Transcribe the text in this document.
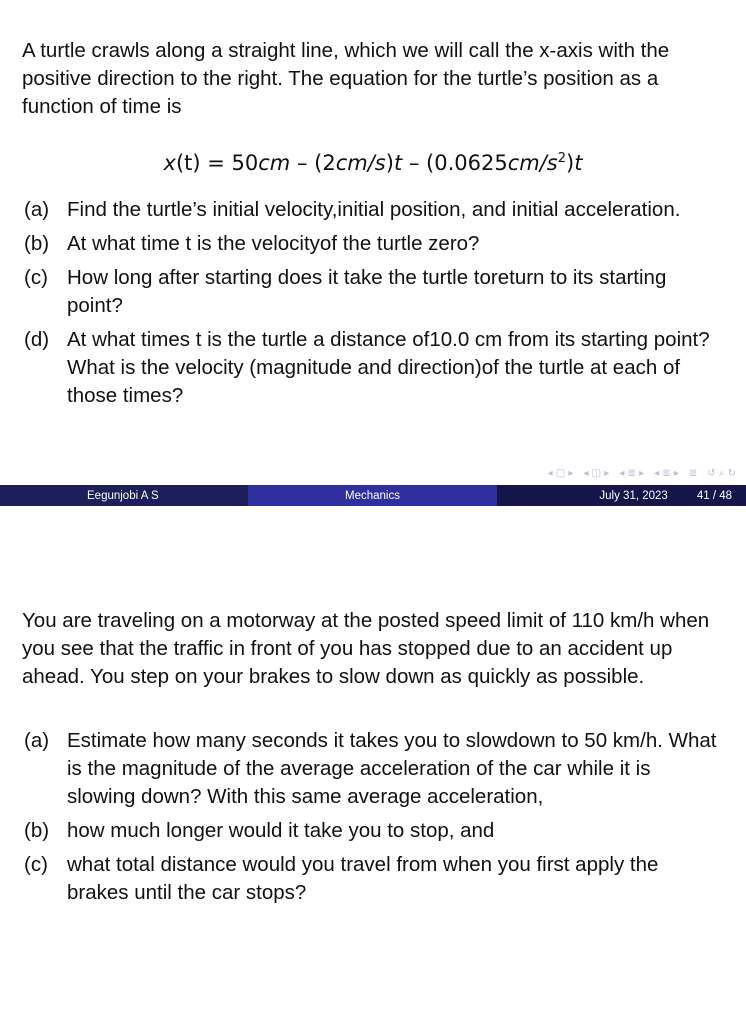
A turtle crawls along a straight line, which we will call the x-axis with the positive direction to the right. The equation for the turtle’s position as a function of time is

$x(t) = 50cm - (2cm/s)t - (0.0625cm/s^2)t$
(a) Find the turtle’s initial velocity,initial position, and initial acceleration.
(b) At what time t is the velocityof the turtle zero?
(c) How long after starting does it take the turtle toreturn to its starting point?
(d) At what times t is the turtle a distance of10.0 cm from its starting point? What is the velocity (magnitude and direction)of the turtle at each of those times?
◂ ▢ ▸ ◂ ◫ ▸ ◂ ≣ ▸ ◂ ≣ ▸ ≣ ↺ ⌕ ↻
Eegunjobi A S	Mechanics	July 31, 2023	41 / 48

You are traveling on a motorway at the posted speed limit of 110 km/h when you see that the traffic in front of you has stopped due to an accident up ahead. You step on your brakes to slow down as quickly as possible.

(a) Estimate how many seconds it takes you to slowdown to 50 km/h. What is the magnitude of the average acceleration of the car while it is slowing down? With this same average acceleration,
(b) how much longer would it take you to stop, and
(c) what total distance would you travel from when you first apply the brakes until the car stops?
